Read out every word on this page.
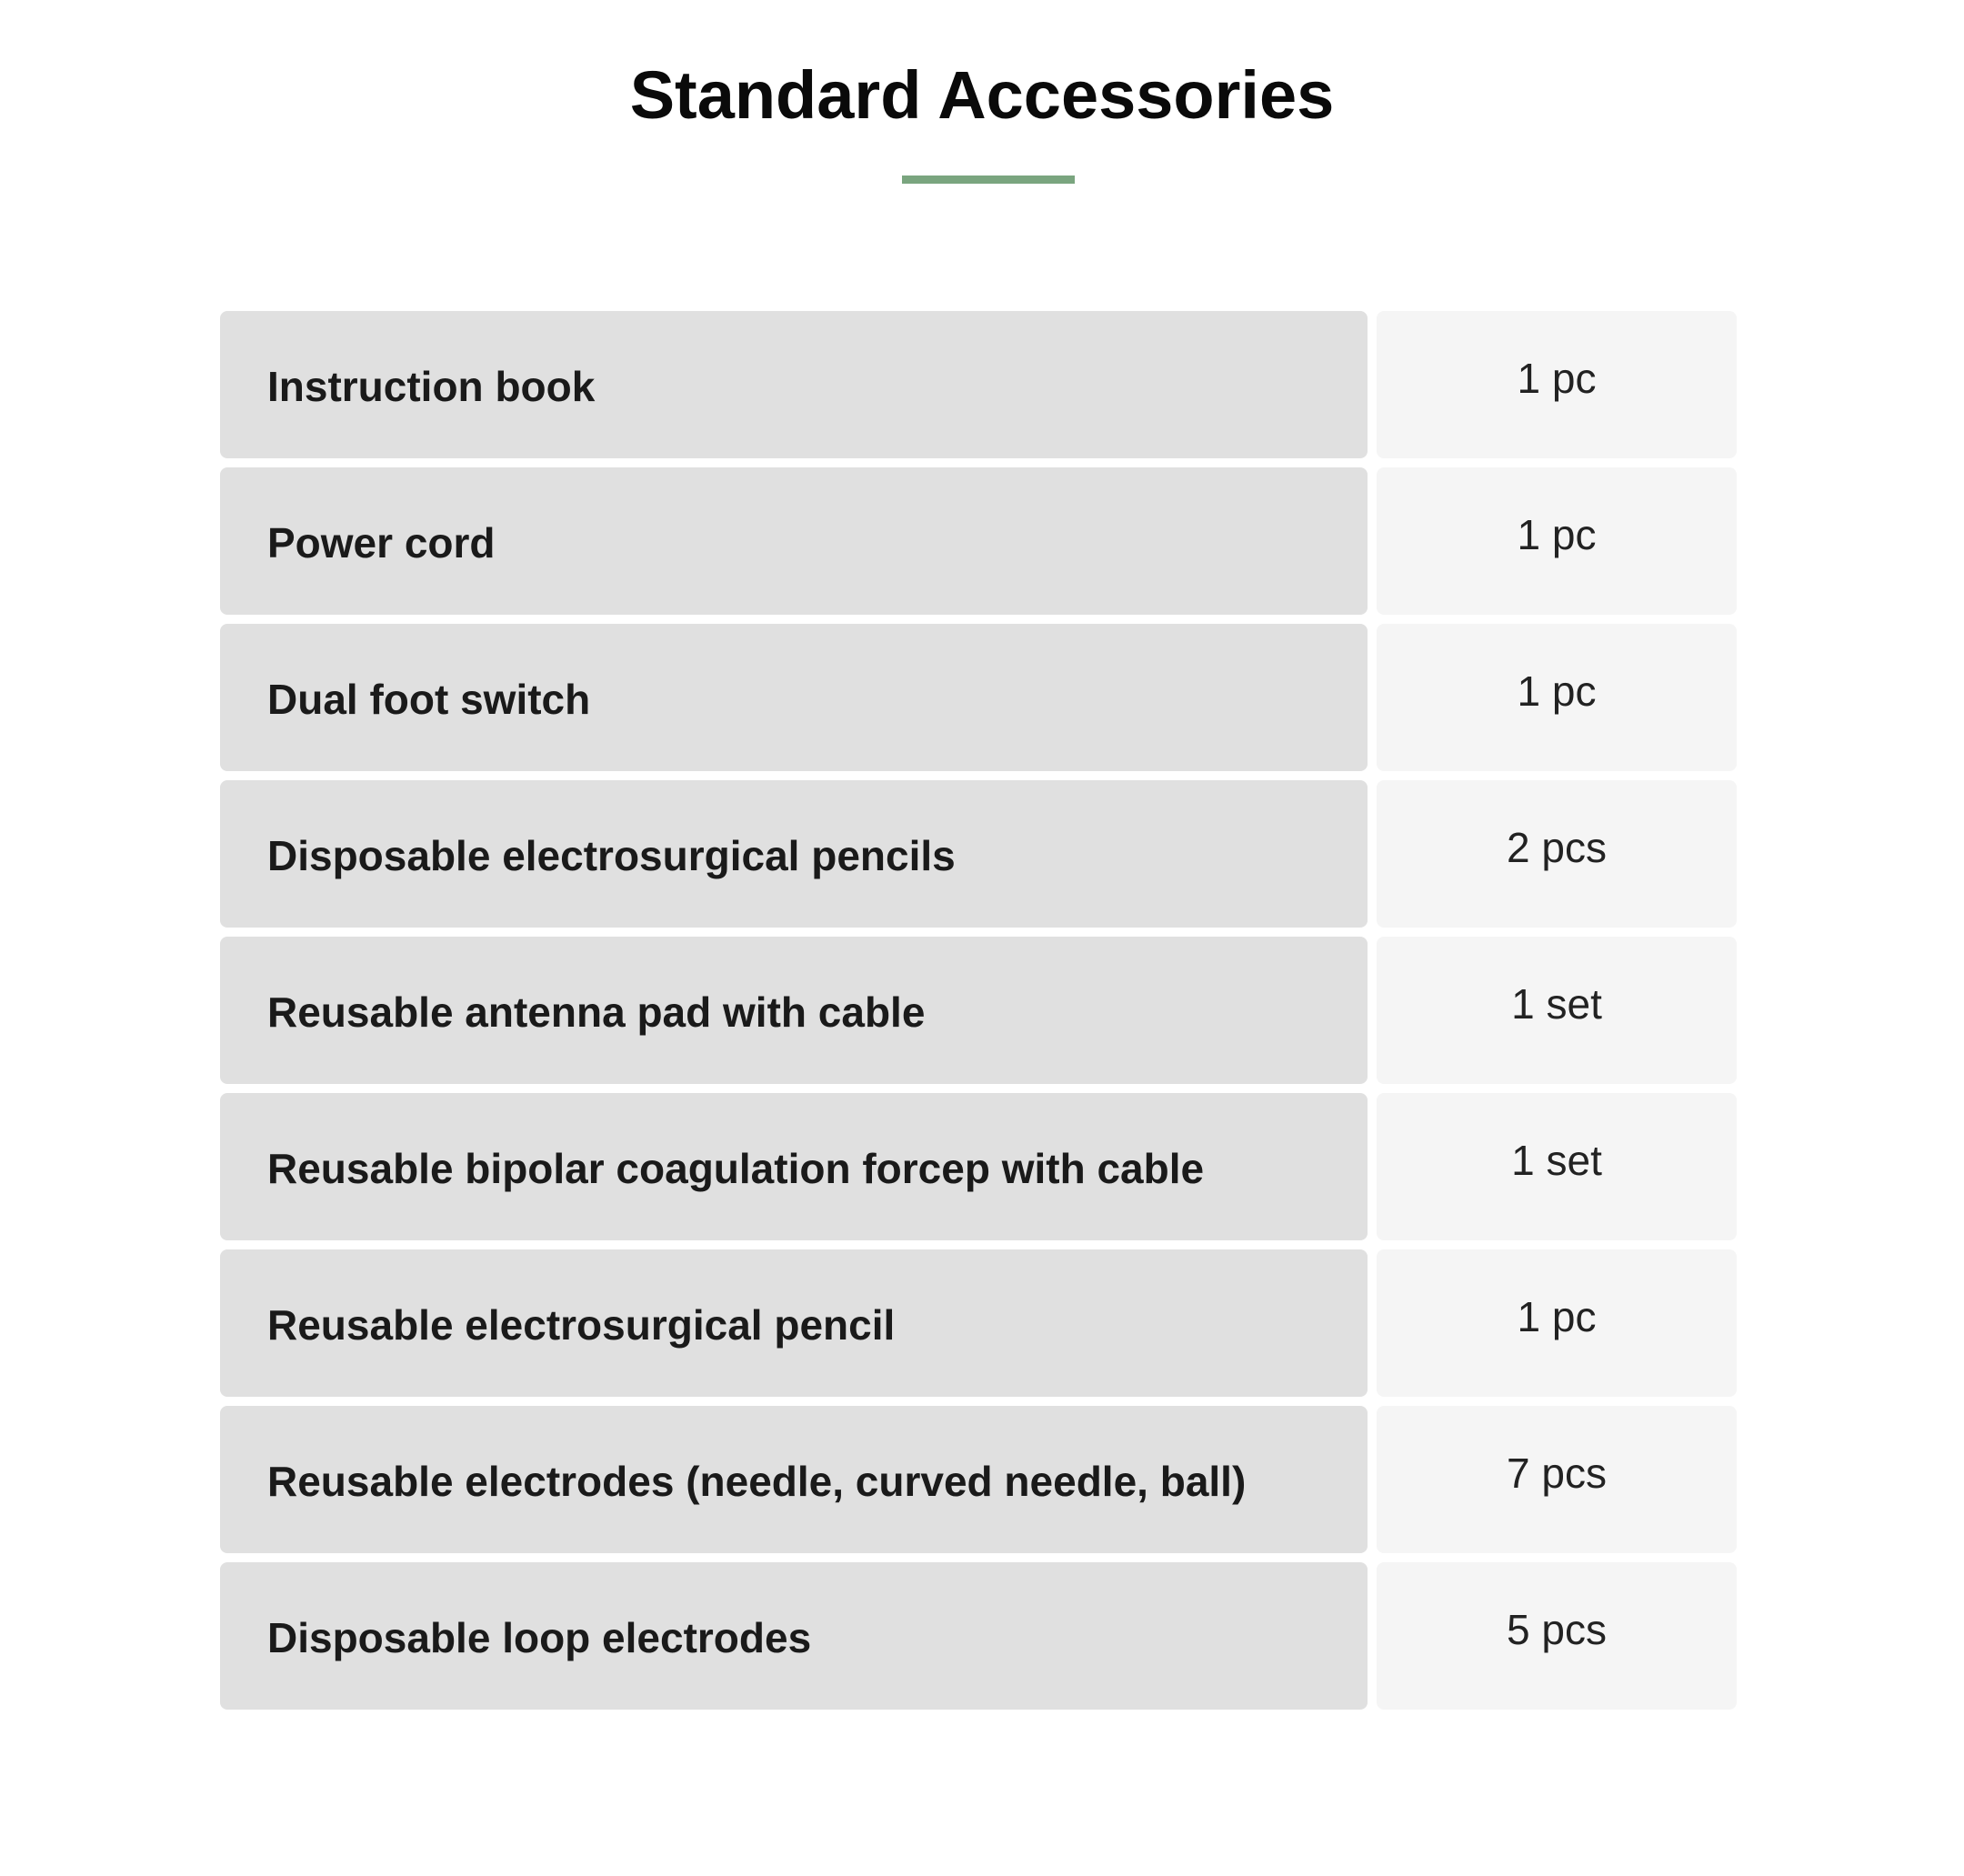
Standard Accessories
Instruction book	1 pc
Power cord	1 pc
Dual foot switch	1 pc
Disposable electrosurgical pencils	2 pcs
Reusable antenna pad with cable	1 set
Reusable bipolar coagulation forcep with cable	1 set
Reusable electrosurgical pencil	1 pc
Reusable electrodes (needle, curved needle, ball)	7 pcs
Disposable loop electrodes	5 pcs
